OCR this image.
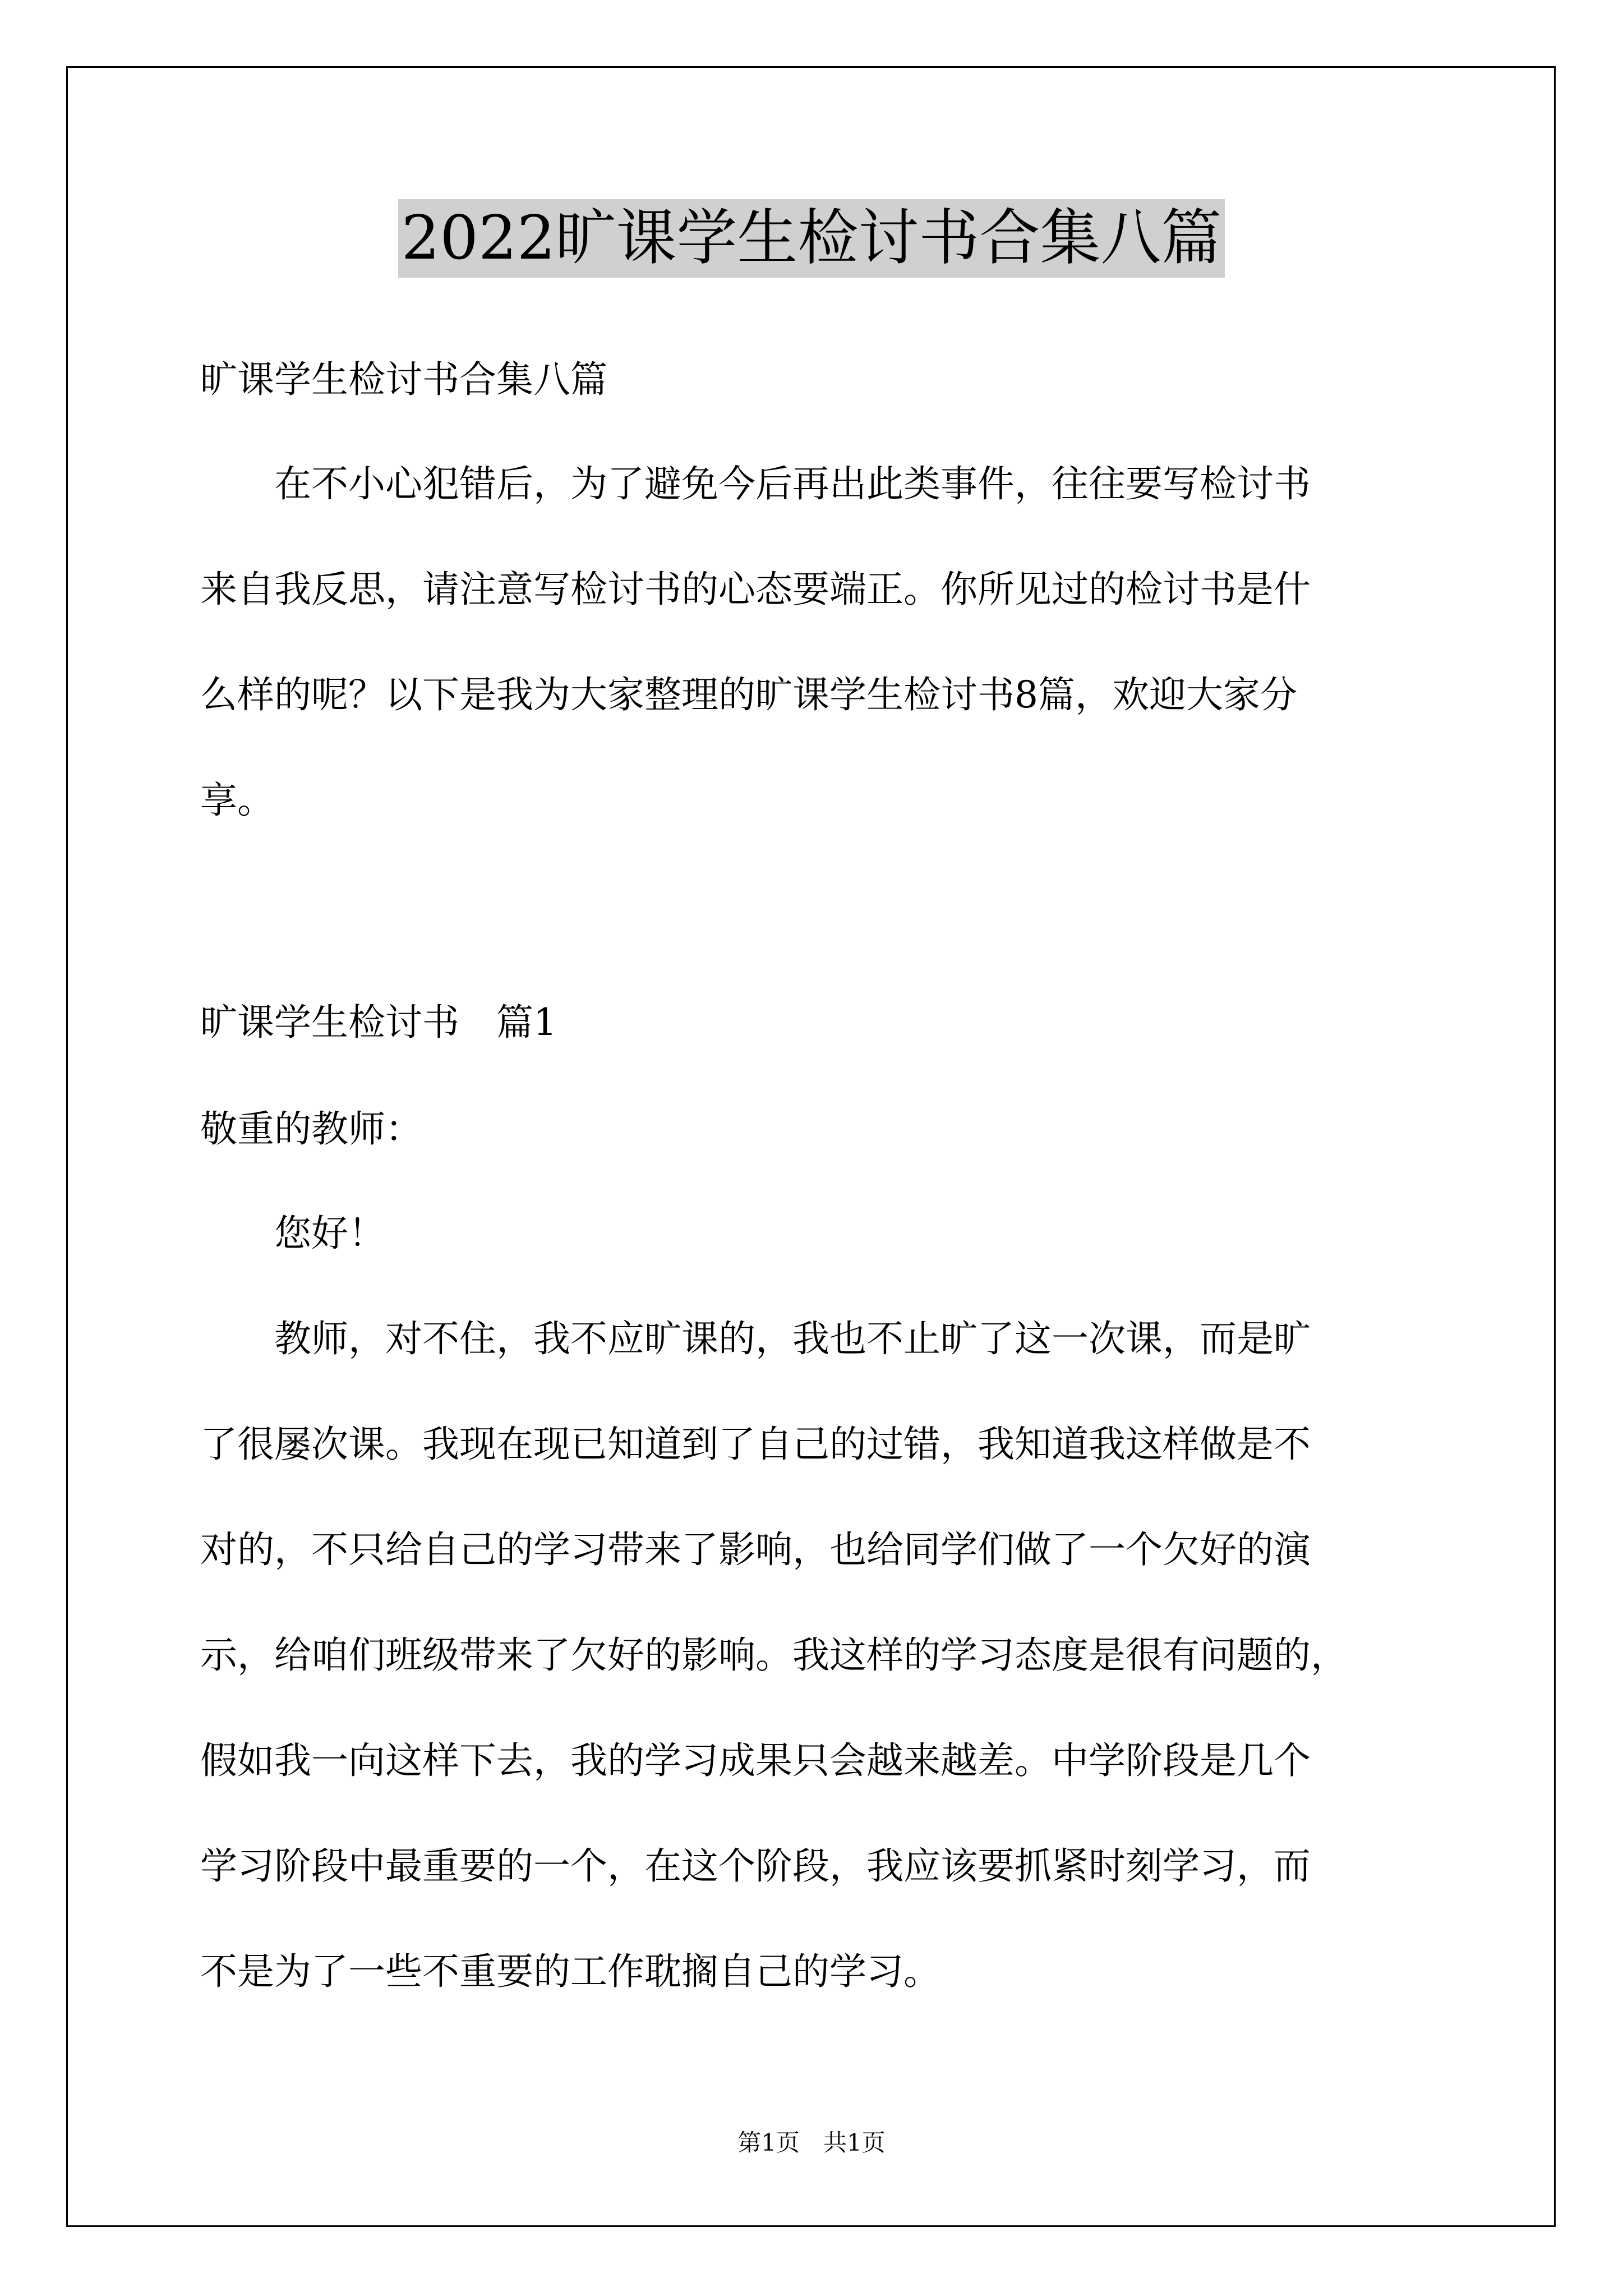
2022旷课学生检讨书合集八篇
旷课学生检讨书合集八篇
　　在不小心犯错后，为了避免今后再出此类事件，往往要写检讨书
来自我反思，请注意写检讨书的心态要端正。你所见过的检讨书是什
么样的呢？以下是我为大家整理的旷课学生检讨书8篇，欢迎大家分
享。
旷课学生检讨书　篇1
敬重的教师：
　　您好！
　　教师，对不住，我不应旷课的，我也不止旷了这一次课，而是旷
了很屡次课。我现在现已知道到了自己的过错，我知道我这样做是不
对的，不只给自己的学习带来了影响，也给同学们做了一个欠好的演
示，给咱们班级带来了欠好的影响。我这样的学习态度是很有问题的，
假如我一向这样下去，我的学习成果只会越来越差。中学阶段是几个
学习阶段中最重要的一个，在这个阶段，我应该要抓紧时刻学习，而
不是为了一些不重要的工作耽搁自己的学习。
第1页　共1页
